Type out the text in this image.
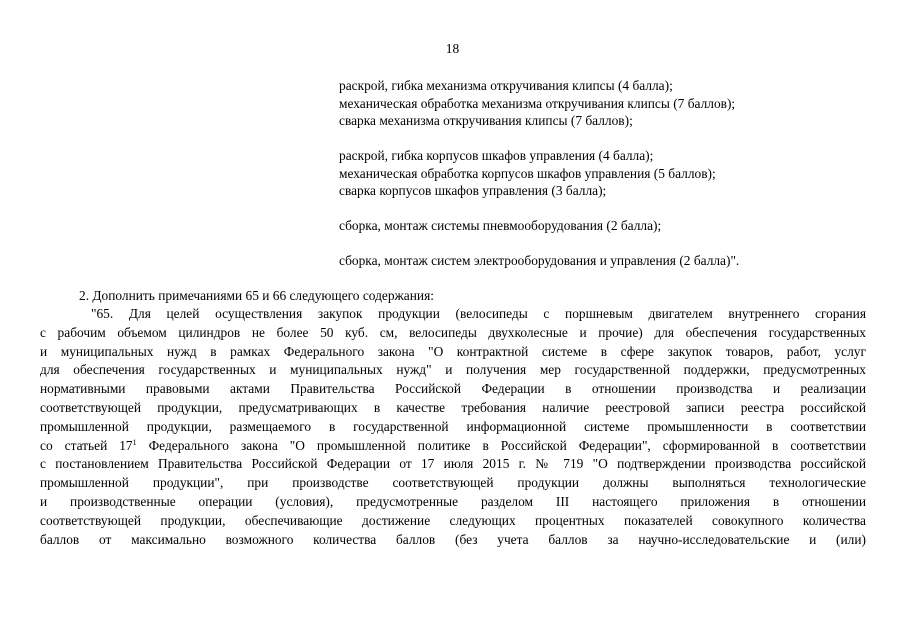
18
раскрой, гибка механизма откручивания клипсы (4 балла);
механическая обработка механизма откручивания клипсы (7 баллов);
сварка механизма откручивания клипсы (7 баллов);
раскрой, гибка корпусов шкафов управления (4 балла);
механическая обработка корпусов шкафов управления (5 баллов);
сварка корпусов шкафов управления (3 балла);
сборка, монтаж системы пневмооборудования (2 балла);
сборка, монтаж систем электрооборудования и управления (2 балла)".
2. Дополнить примечаниями 65 и 66 следующего содержания:
"65. Для целей осуществления закупок продукции (велосипеды с поршневым двигателем внутреннего сгорания
с рабочим объемом цилиндров не более 50 куб. см, велосипеды двухколесные и прочие) для обеспечения государственных
и муниципальных нужд в рамках Федерального закона "О контрактной системе в сфере закупок товаров, работ, услуг
для обеспечения государственных и муниципальных нужд" и получения мер государственной поддержки, предусмотренных
нормативными правовыми актами Правительства Российской Федерации в отношении производства и реализации
соответствующей продукции, предусматривающих в качестве требования наличие реестровой записи реестра российской
промышленной продукции, размещаемого в государственной информационной системе промышленности в соответствии
со статьей $17^1$ Федерального закона "О промышленной политике в Российской Федерации", сформированной в соответствии
с постановлением Правительства Российской Федерации от 17 июля 2015 г. № 719 "О подтверждении производства российской
промышленной продукции", при производстве соответствующей продукции должны выполняться технологические
и производственные операции (условия), предусмотренные разделом III настоящего приложения в отношении
соответствующей продукции, обеспечивающие достижение следующих процентных показателей совокупного количества
баллов от максимально возможного количества баллов (без учета баллов за научно-исследовательские и (или)
